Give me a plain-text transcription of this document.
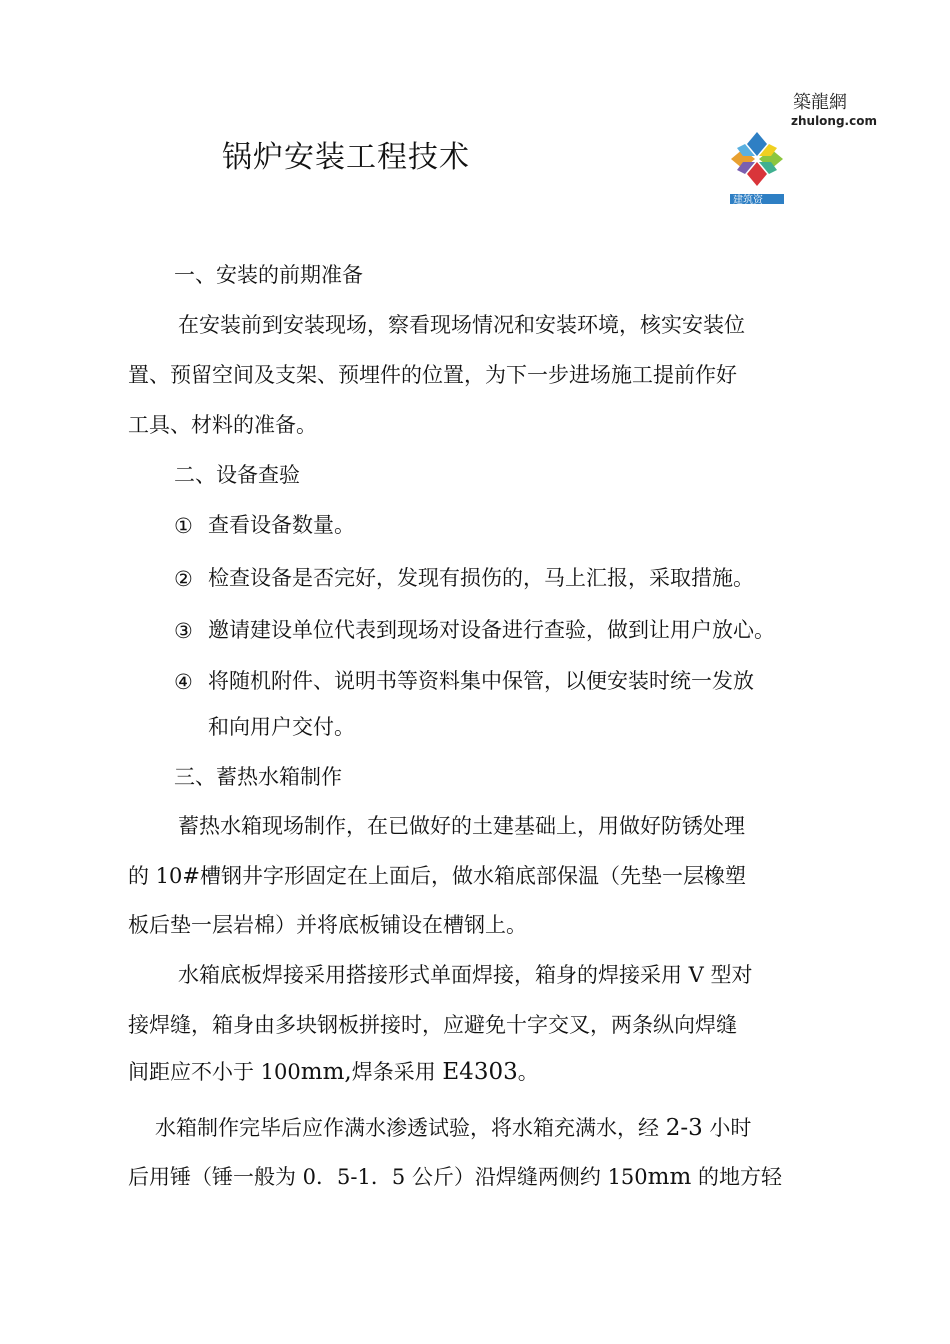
锅炉安装工程技术
築龍網
zhulong.com
建筑资
一、安装的前期准备
在安装前到安装现场，察看现场情况和安装环境，核实安装位
置、预留空间及支架、预埋件的位置，为下一步进场施工提前作好
工具、材料的准备。
二、设备查验
① 查看设备数量。
② 检查设备是否完好，发现有损伤的，马上汇报，采取措施。
③ 邀请建设单位代表到现场对设备进行查验，做到让用户放心。
④ 将随机附件、说明书等资料集中保管，以便安装时统一发放
和向用户交付。
三、蓄热水箱制作
蓄热水箱现场制作，在已做好的土建基础上，用做好防锈处理
的 10#槽钢井字形固定在上面后，做水箱底部保温（先垫一层橡塑
板后垫一层岩棉）并将底板铺设在槽钢上。
水箱底板焊接采用搭接形式单面焊接，箱身的焊接采用 V 型对
接焊缝，箱身由多块钢板拼接时，应避免十字交叉，两条纵向焊缝
间距应不小于 100mm,焊条采用 E4303。
水箱制作完毕后应作满水渗透试验，将水箱充满水，经 2-3 小时
后用锤（锤一般为 0．5-1．5 公斤）沿焊缝两侧约 150mm 的地方轻
